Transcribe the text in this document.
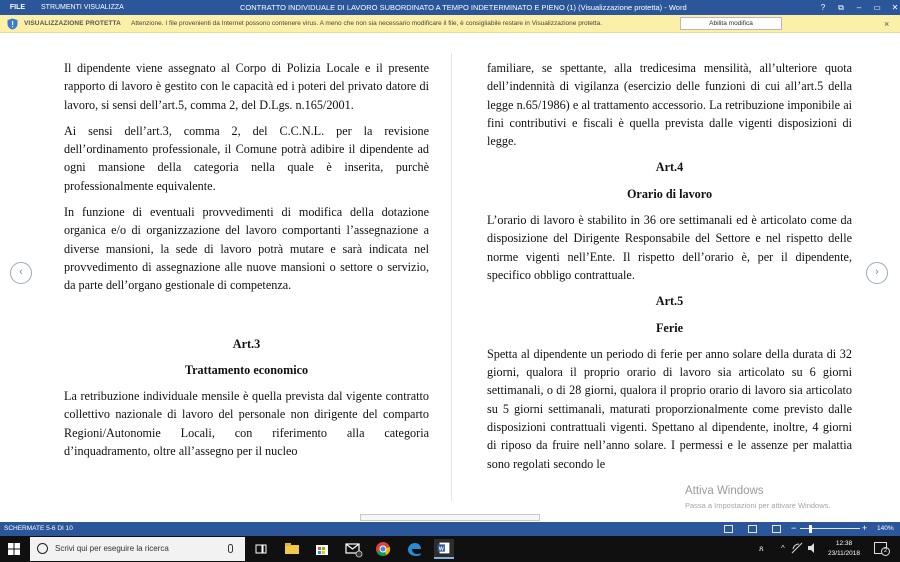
FILE	STRUMENTI VISUALIZZA	CONTRATTO INDIVIDUALE DI LAVORO SUBORDINATO A TEMPO INDETERMINATO E PIENO (1) (Visualizzazione protetta) - Word	?	⧉	–	▭	✕
VISUALIZZAZIONE PROTETTA Attenzione. I file provenienti da Internet possono contenere virus. A meno che non sia necessario modificare il file, è consigliabile restare in Visualizzazione protetta.	Abilita modifica	×
‹	›

Il dipendente viene assegnato al Corpo di Polizia Locale e il presente rapporto di lavoro è gestito con le capacità ed i poteri del privato datore di lavoro, si sensi dell’art.5, comma 2, del D.Lgs. n.165/2001.

Ai sensi dell’art.3, comma 2, del C.C.N.L. per la revisione dell’ordinamento professionale, il Comune potrà adibire il dipendente ad ogni mansione della categoria nella quale è inserita, purchè professionalmente equivalente.

In funzione di eventuali provvedimenti di modifica della dotazione organica e/o di organizzazione del lavoro comportanti l’assegnazione a diverse mansioni, la sede di lavoro potrà mutare e sarà indicata nel provvedimento di assegnazione alle nuove mansioni o settore o servizio, da parte dell’organo gestionale di competenza.

Art.3
Trattamento economico

La retribuzione individuale mensile è quella prevista dal vigente contratto collettivo nazionale di lavoro del personale non dirigente del comparto Regioni/Autonomie Locali, con riferimento alla categoria d’inquadramento, oltre all’assegno per il nucleo

familiare, se spettante, alla tredicesima mensilità, all’ulteriore quota dell’indennità di vigilanza (esercizio delle funzioni di cui all’art.5 della legge n.65/1986) e al trattamento accessorio. La retribuzione imponibile ai fini contributivi e fiscali è quella prevista dalle vigenti disposizioni di legge.

Art.4
Orario di lavoro

L’orario di lavoro è stabilito in 36 ore settimanali ed è articolato come da disposizione del Dirigente Responsabile del Settore e nel rispetto delle norme vigenti nell’Ente. Il rispetto dell’orario è, per il dipendente, specifico obbligo contrattuale.

Art.5
Ferie

Spetta al dipendente un periodo di ferie per anno solare della durata di 32 giorni, qualora il proprio orario di lavoro sia articolato su 6 giorni settimanali, o di 28 giorni, qualora il proprio orario di lavoro sia articolato su 5 giorni settimanali, maturati proporzionalmente come previsto dalle disposizioni contrattuali vigenti. Spettano al dipendente, inoltre, 4 giorni di riposo da fruire nell’anno solare. I permessi e le assenze per malattia sono regolati secondo le

Attiva Windows
Passa a Impostazioni per attivare Windows.
SCHERMATE 5-6 DI 10	−	+ 140%
Scrivi qui per eseguire la ricerca	W	ጸ ^
12:38
23/11/2018	2
